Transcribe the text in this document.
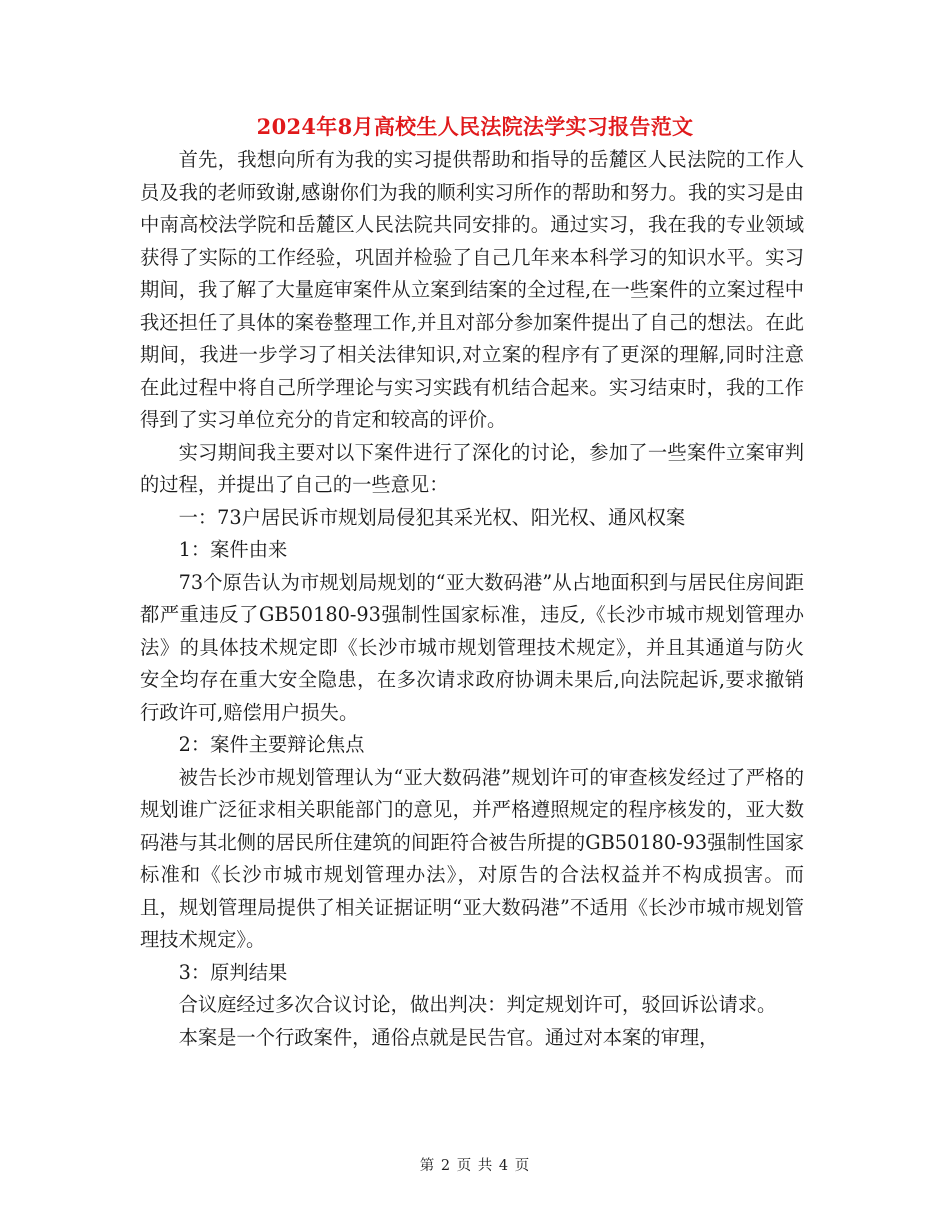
2024年8月高校生人民法院法学实习报告范文

首先，我想向所有为我的实习提供帮助和指导的岳麓区人民法院的工作人员及我的老师致谢,感谢你们为我的顺利实习所作的帮助和努力。我的实习是由中南高校法学院和岳麓区人民法院共同安排的。通过实习，我在我的专业领域获得了实际的工作经验，巩固并检验了自己几年来本科学习的知识水平。实习期间，我了解了大量庭审案件从立案到结案的全过程,在一些案件的立案过程中我还担任了具体的案卷整理工作,并且对部分参加案件提出了自己的想法。在此期间，我进一步学习了相关法律知识,对立案的程序有了更深的理解,同时注意在此过程中将自己所学理论与实习实践有机结合起来。实习结束时，我的工作得到了实习单位充分的肯定和较高的评价。

实习期间我主要对以下案件进行了深化的讨论，参加了一些案件立案审判的过程，并提出了自己的一些意见：

一：73户居民诉市规划局侵犯其采光权、阳光权、通风权案

1：案件由来

73个原告认为市规划局规划的“亚大数码港”从占地面积到与居民住房间距都严重违反了GB50180-93强制性国家标准，违反,《长沙市城市规划管理办法》的具体技术规定即《长沙市城市规划管理技术规定》，并且其通道与防火安全均存在重大安全隐患，在多次请求政府协调未果后,向法院起诉,要求撤销行政许可,赔偿用户损失。

2：案件主要辩论焦点

被告长沙市规划管理认为“亚大数码港”规划许可的审查核发经过了严格的规划谁广泛征求相关职能部门的意见，并严格遵照规定的程序核发的，亚大数码港与其北侧的居民所住建筑的间距符合被告所提的GB50180-93强制性国家标准和《长沙市城市规划管理办法》，对原告的合法权益并不构成损害。而且，规划管理局提供了相关证据证明“亚大数码港”不适用《长沙市城市规划管理技术规定》。

3：原判结果

合议庭经过多次合议讨论，做出判决：判定规划许可，驳回诉讼请求。

本案是一个行政案件，通俗点就是民告官。通过对本案的审理，

第 2 页 共 4 页
